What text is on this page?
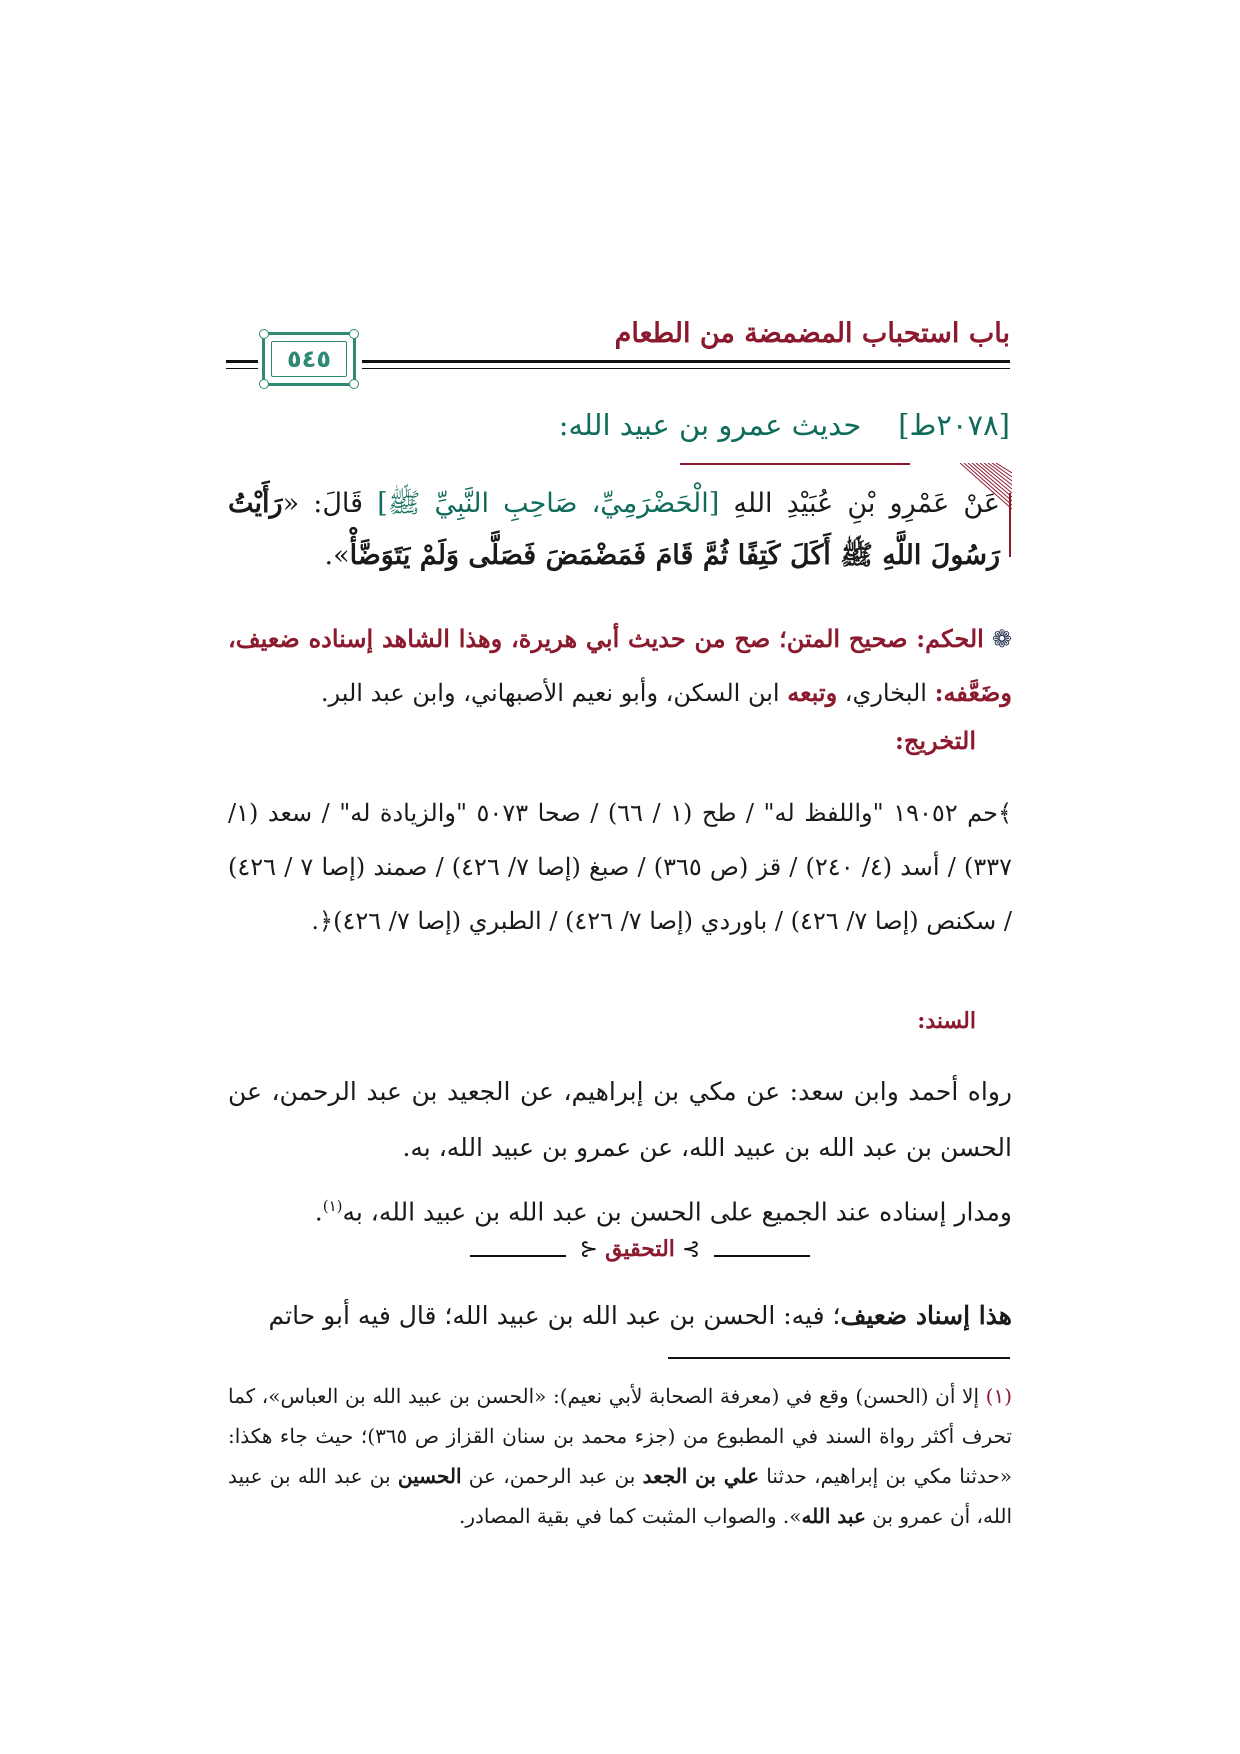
باب استحباب المضمضة من الطعام
٥٤٥
[٢٠٧٨ط]    حديث عمرو بن عبيد الله:
عَنْ عَمْرِو بْنِ عُبَيْدِ اللهِ [الْحَضْرَمِيِّ، صَاحِبِ النَّبِيِّ ﷺ] قَالَ: «رَأَيْتُ رَسُولَ اللَّهِ ﷺ أَكَلَ كَتِفًا ثُمَّ قَامَ فَمَضْمَضَ فَصَلَّى وَلَمْ يَتَوَضَّأْ».
❁ الحكم: صحيح المتن؛ صح من حديث أبي هريرة، وهذا الشاهد إسناده ضعيف، وضَعَّفه: البخاري، وتبعه ابن السكن، وأبو نعيم الأصبهاني، وابن عبد البر.
التخريج:
﴾حم ١٩٠٥٢ "واللفظ له" / طح (١ / ٦٦) / صحا ٥٠٧٣ "والزيادة له" / سعد (١/ ٣٣٧) / أسد (٤/ ٢٤٠) / قز (ص ٣٦٥) / صبغ (إصا ٧/ ٤٢٦) / صمند (إصا ٧ / ٤٢٦) / سكنص (إصا ٧/ ٤٢٦) / باوردي (إصا ٧/ ٤٢٦) / الطبري (إصا ٧/ ٤٢٦)﴿.
السند:
رواه أحمد وابن سعد: عن مكي بن إبراهيم، عن الجعيد بن عبد الرحمن، عن الحسن بن عبد الله بن عبيد الله، عن عمرو بن عبيد الله، به.
ومدار إسناده عند الجميع على الحسن بن عبد الله بن عبيد الله، به$^{(١)}$.
⊱ التحقيق ⊰
هذا إسناد ضعيف؛ فيه: الحسن بن عبد الله بن عبيد الله؛ قال فيه أبو حاتم
(١) إلا أن (الحسن) وقع في (معرفة الصحابة لأبي نعيم): «الحسن بن عبيد الله بن العباس»، كما تحرف أكثر رواة السند في المطبوع من (جزء محمد بن سنان القزاز ص ٣٦٥)؛ حيث جاء هكذا: «حدثنا مكي بن إبراهيم، حدثنا علي بن الجعد بن عبد الرحمن، عن الحسين بن عبد الله بن عبيد الله، أن عمرو بن عبد الله». والصواب المثبت كما في بقية المصادر.
